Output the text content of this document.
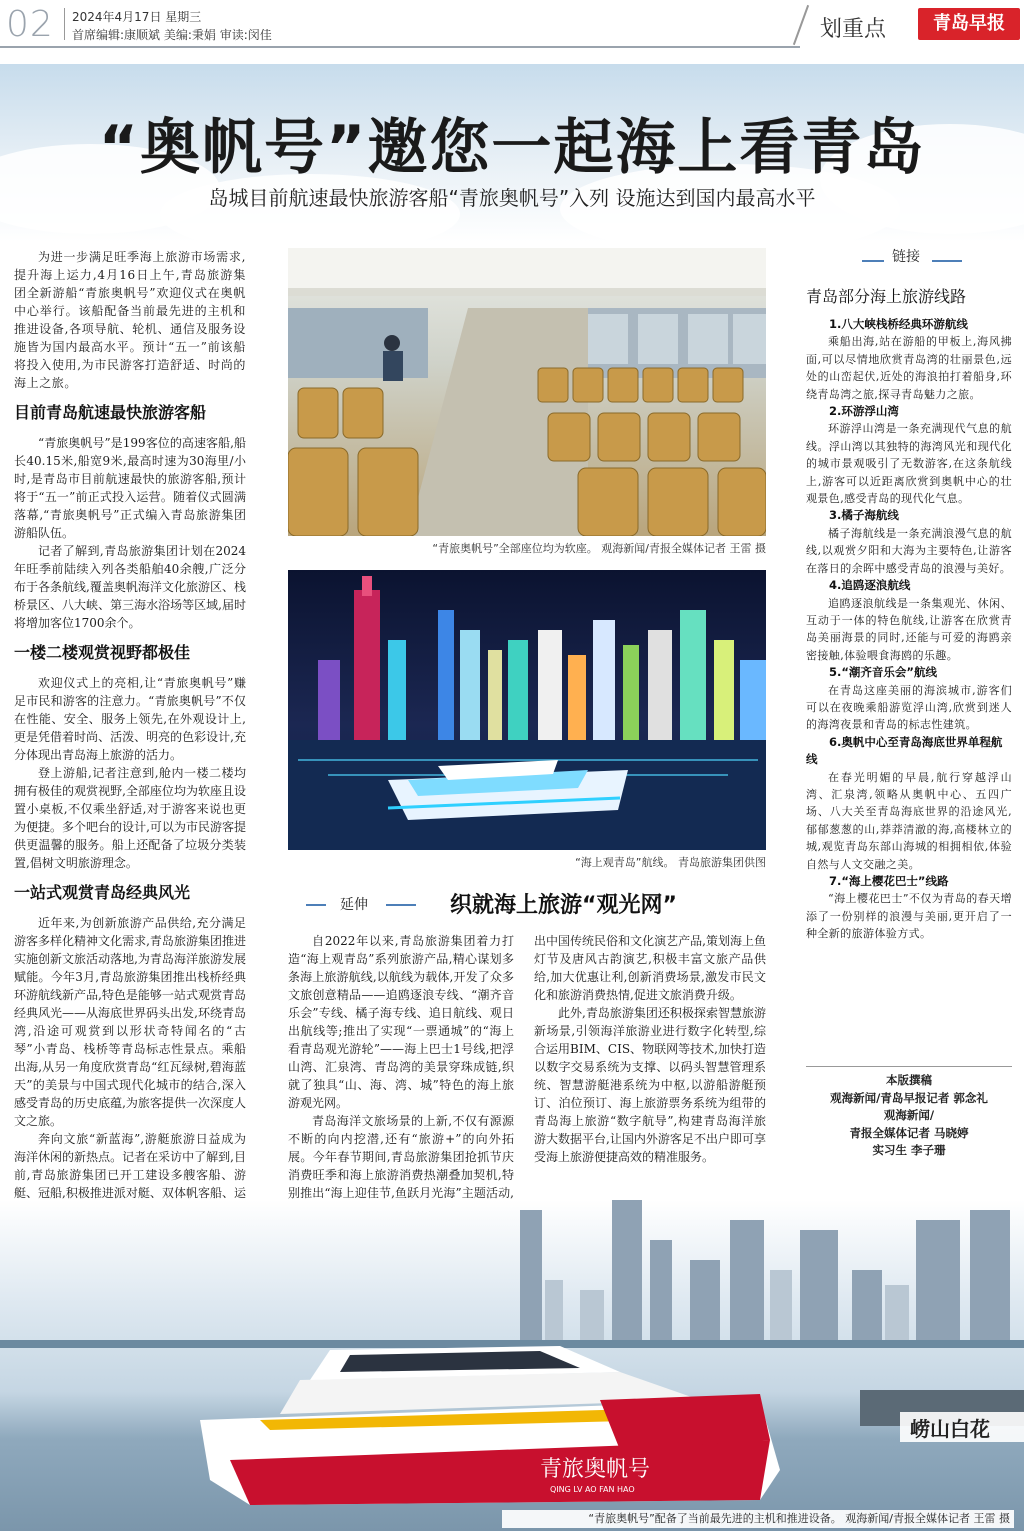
02 2024年4月17日 星期三
首席编辑:康顺斌 美编:秉娟 审读:闵佳	划重点	青岛早报
“奥帆号”邀您一起海上看青岛
岛城目前航速最快旅游客船“青旅奥帆号”入列 设施达到国内最高水平

为进一步满足旺季海上旅游市场需求,提升海上运力,4月16日上午,青岛旅游集团全新游船“青旅奥帆号”欢迎仪式在奥帆中心举行。该船配备当前最先进的主机和推进设备,各项导航、轮机、通信及服务设施皆为国内最高水平。预计“五一”前该船将投入使用,为市民游客打造舒适、时尚的海上之旅。

目前青岛航速最快旅游客船

“青旅奥帆号”是199客位的高速客船,船长40.15米,船宽9米,最高时速为30海里/小时,是青岛市目前航速最快的旅游客船,预计将于“五一”前正式投入运营。随着仪式圆满落幕,“青旅奥帆号”正式编入青岛旅游集团游船队伍。

记者了解到,青岛旅游集团计划在2024年旺季前陆续入列各类船舶40余艘,广泛分布于各条航线,覆盖奥帆海洋文化旅游区、栈桥景区、八大峡、第三海水浴场等区域,届时将增加客位1700余个。

一楼二楼观赏视野都极佳

欢迎仪式上的亮相,让“青旅奥帆号”赚足市民和游客的注意力。“青旅奥帆号”不仅在性能、安全、服务上领先,在外观设计上,更是凭借着时尚、活泼、明亮的色彩设计,充分体现出青岛海上旅游的活力。

登上游船,记者注意到,舱内一楼二楼均拥有极佳的观赏视野,全部座位均为软座且设置小桌板,不仅乘坐舒适,对于游客来说也更为便捷。多个吧台的设计,可以为市民游客提供更温馨的服务。船上还配备了垃圾分类装置,倡树文明旅游理念。

一站式观赏青岛经典风光

近年来,为创新旅游产品供给,充分满足游客多样化精神文化需求,青岛旅游集团推进实施创新文旅活动落地,为青岛海洋旅游发展赋能。今年3月,青岛旅游集团推出栈桥经典环游航线新产品,特色是能够一站式观赏青岛经典风光——从海底世界码头出发,环绕青岛湾,沿途可观赏到以形状奇特闻名的“古琴”小青岛、栈桥等青岛标志性景点。乘船出海,从另一角度欣赏青岛“红瓦绿树,碧海蓝天”的美景与中国式现代化城市的结合,深入感受青岛的历史底蕴,为旅客提供一次深度人文之旅。

奔向文旅“新蓝海”,游艇旅游日益成为海洋休闲的新热点。记者在采访中了解到,目前,青岛旅游集团已开工建设多艘客船、游艇、冠船,积极推进派对艇、双体帆客船、运

“青旅奥帆号”全部座位均为软座。 观海新闻/青报全媒体记者 王雷 摄
“海上观青岛”航线。 青岛旅游集团供图
延伸	织就海上旅游“观光网”

自2022年以来,青岛旅游集团着力打造“海上观青岛”系列旅游产品,精心谋划多条海上旅游航线,以航线为载体,开发了众多文旅创意精品——追鸥逐浪专线、“潮齐音乐会”专线、橘子海专线、追日航线、观日出航线等;推出了实现“一票通城”的“海上看青岛观光游轮”——海上巴士1号线,把浮山湾、汇泉湾、青岛湾的美景穿珠成链,织就了独具“山、海、湾、城”特色的海上旅游观光网。

青岛海洋文旅场景的上新,不仅有源源不断的向内挖潜,还有“旅游+”的向外拓展。今年春节期间,青岛旅游集团抢抓节庆消费旺季和海上旅游消费热潮叠加契机,特别推出“海上迎佳节,鱼跃月光海”主题活动,

出中国传统民俗和文化演艺产品,策划海上鱼灯节及唐风古韵演艺,积极丰富文旅产品供给,加大优惠让利,创新消费场景,激发市民文化和旅游消费热情,促进文旅消费升级。

此外,青岛旅游集团还积极探索智慧旅游新场景,引领海洋旅游业进行数字化转型,综合运用BIM、CIS、物联网等技术,加快打造以数字交易系统为支撑、以码头智慧管理系统、智慧游艇港系统为中枢,以游船游艇预订、泊位预订、海上旅游票务系统为组带的青岛海上旅游“数字航导”,构建青岛海洋旅游大数据平台,让国内外游客足不出户即可享受海上旅游便捷高效的精准服务。

链接
青岛部分海上旅游线路
1.八大峡栈桥经典环游航线
乘船出海,站在游船的甲板上,海风拂面,可以尽情地欣赏青岛湾的壮丽景色,远处的山峦起伏,近处的海浪拍打着船身,环绕青岛湾之旅,探寻青岛魅力之旅。
2.环游浮山湾
环游浮山湾是一条充满现代气息的航线。浮山湾以其独特的海湾风光和现代化的城市景观吸引了无数游客,在这条航线上,游客可以近距离欣赏到奥帆中心的壮观景色,感受青岛的现代化气息。
3.橘子海航线
橘子海航线是一条充满浪漫气息的航线,以观赏夕阳和大海为主要特色,让游客在落日的余晖中感受青岛的浪漫与美好。
4.追鸥逐浪航线
追鸥逐浪航线是一条集观光、休闲、互动于一体的特色航线,让游客在欣赏青岛美丽海景的同时,还能与可爱的海鸥亲密接触,体验喂食海鸥的乐趣。
5.“潮齐音乐会”航线
在青岛这座美丽的海滨城市,游客们可以在夜晚乘船游览浮山湾,欣赏到迷人的海湾夜景和青岛的标志性建筑。
6.奥帆中心至青岛海底世界单程航线
在春光明媚的早晨,航行穿越浮山湾、汇泉湾,领略从奥帆中心、五四广场、八大关至青岛海底世界的沿途风光,郁郁葱葱的山,莽莽清澈的海,高楼林立的城,观览青岛东部山海城的相拥相依,体验自然与人文交融之美。
7.“海上樱花巴士”线路
“海上樱花巴士”不仅为青岛的春天增添了一份别样的浪漫与美丽,更开启了一种全新的旅游体验方式。
本版撰稿
观海新闻/青岛早报记者 郭念礼
观海新闻/
青报全媒体记者 马晓婷
实习生 李子珊
崂山白花
青旅奥帆号
QING LV AO FAN HAO
“青旅奥帆号”配备了当前最先进的主机和推进设备。 观海新闻/青报全媒体记者 王雷 摄
